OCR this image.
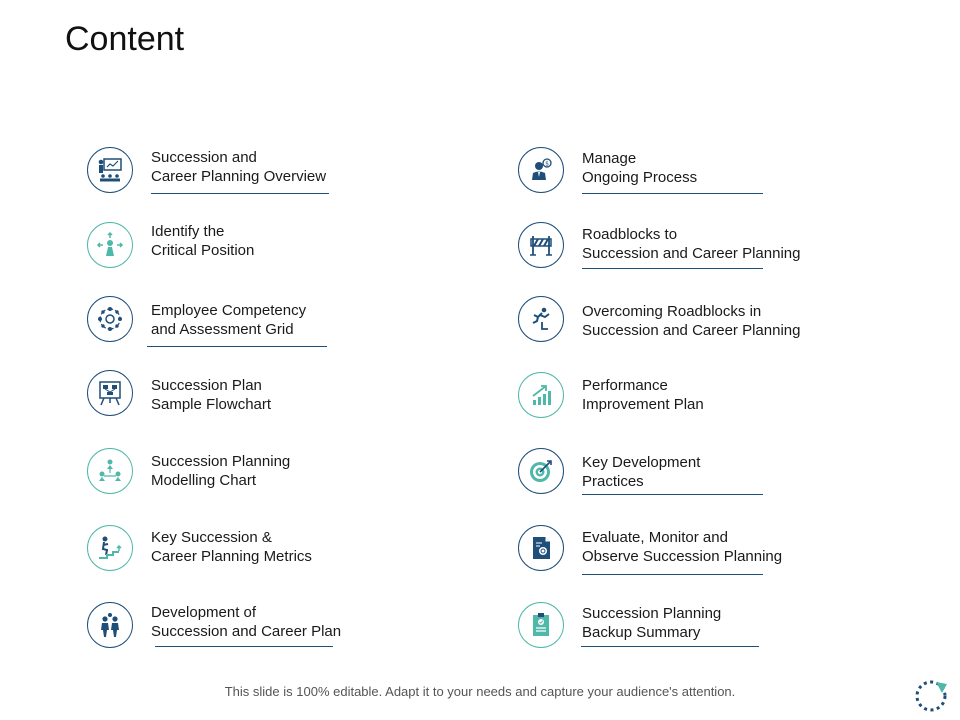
Content
Succession and
Career Planning Overview
Identify the
Critical Position
Employee Competency
and Assessment Grid
Succession Plan
Sample Flowchart
Succession Planning
Modelling Chart
Key Succession &
Career Planning Metrics
Development of
Succession and Career Plan
$ Manage
Ongoing Process
Roadblocks to
Succession and Career Planning
Overcoming Roadblocks in
Succession and Career Planning
Performance
Improvement Plan
Key Development
Practices
Evaluate, Monitor and
Observe Succession Planning
Succession Planning
Backup Summary
This slide is 100% editable. Adapt it to your needs and capture your audience's attention.
